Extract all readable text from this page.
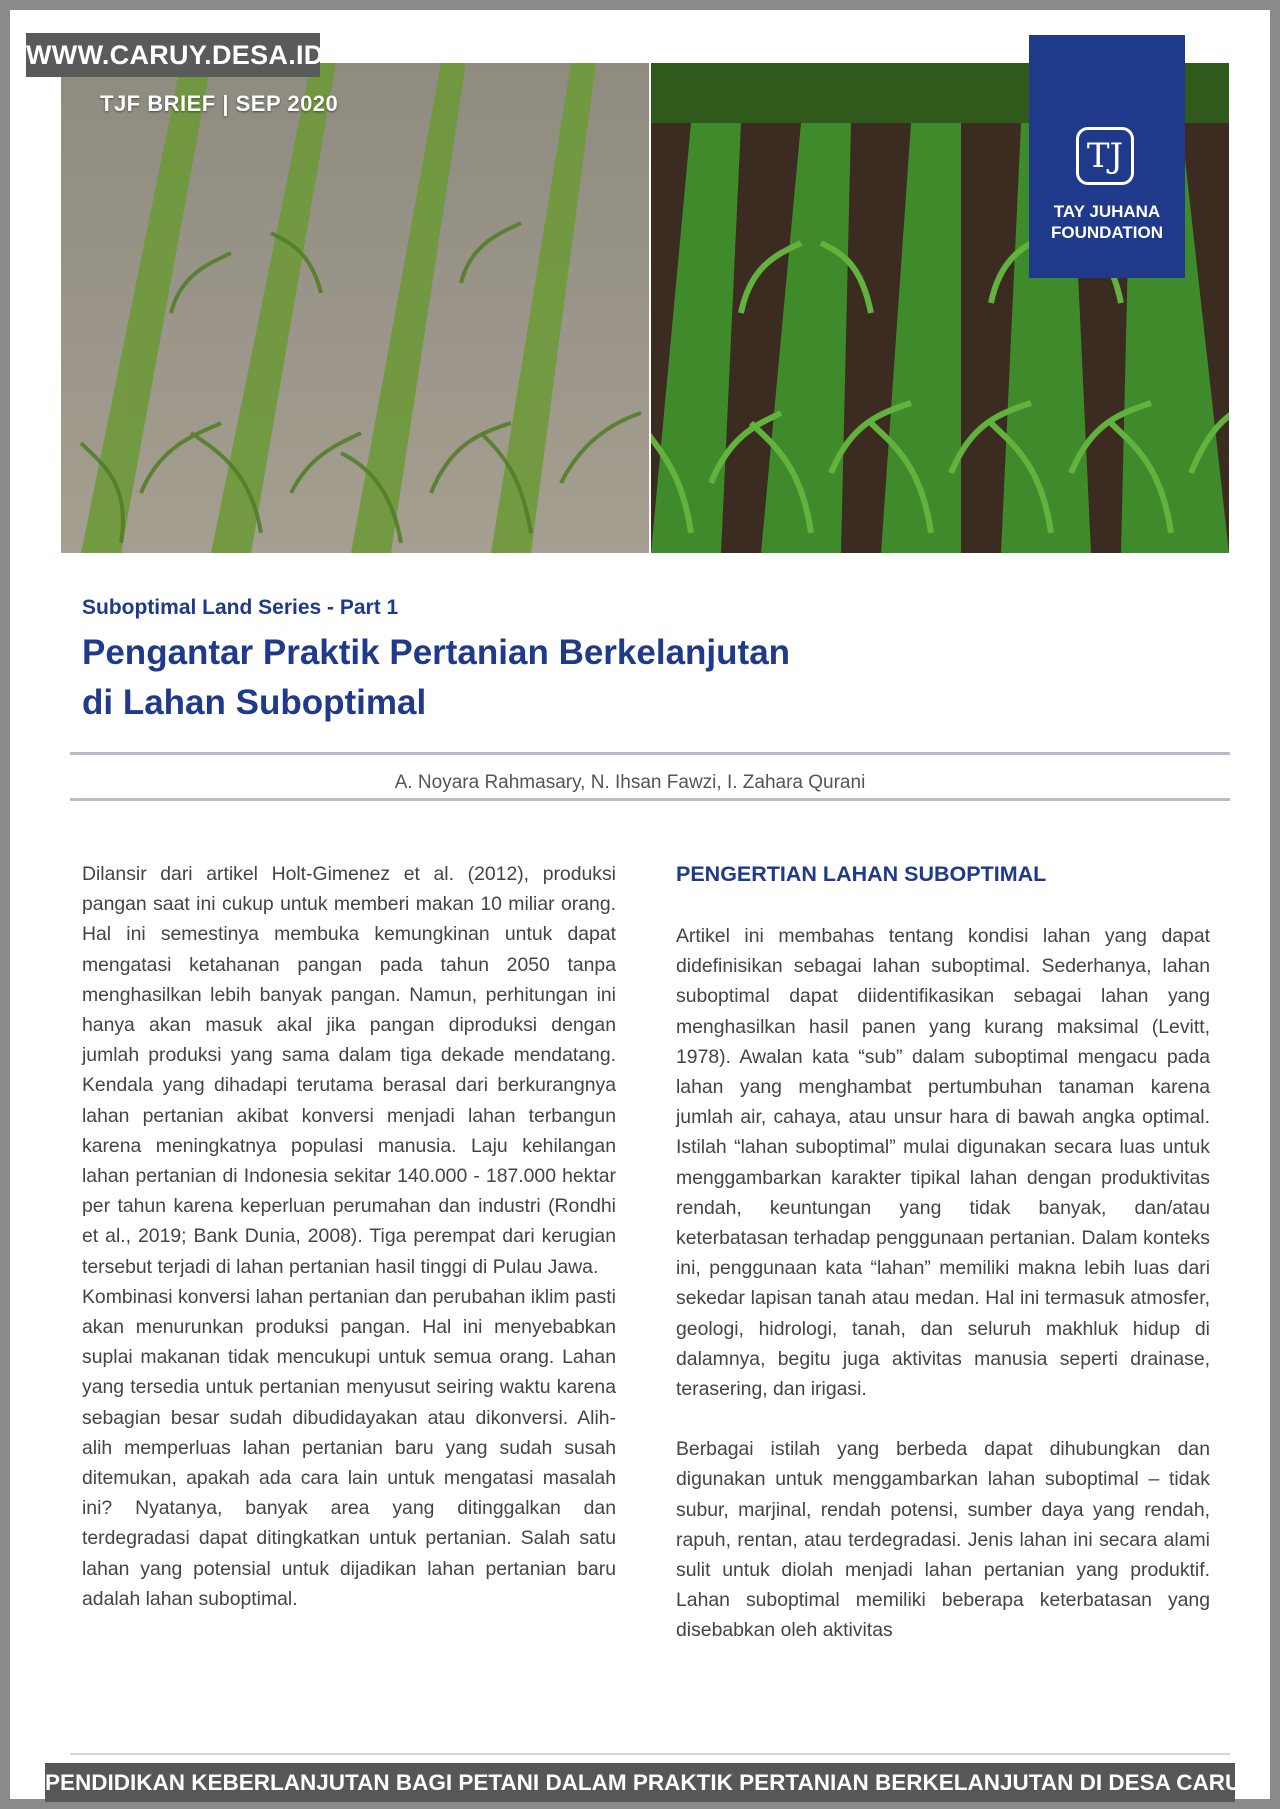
TJF BRIEF | SEP 2020
TJ
TAY JUHANA
FOUNDATION
WWW.CARUY.DESA.ID
Suboptimal Land Series - Part 1
Pengantar Praktik Pertanian Berkelanjutan
di Lahan Suboptimal
A. Noyara Rahmasary, N. Ihsan Fawzi, I. Zahara Qurani

Dilansir dari artikel Holt-Gimenez et al. (2012), produksi pangan saat ini cukup untuk memberi makan 10 miliar orang. Hal ini semestinya membuka kemungkinan untuk dapat mengatasi ketahanan pangan pada tahun 2050 tanpa menghasilkan lebih banyak pangan. Namun, perhitungan ini hanya akan masuk akal jika pangan diproduksi dengan jumlah produksi yang sama dalam tiga dekade mendatang. Kendala yang dihadapi terutama berasal dari berkurangnya lahan pertanian akibat konversi menjadi lahan terbangun karena meningkatnya populasi manusia. Laju kehilangan lahan pertanian di Indonesia sekitar 140.000 - 187.000 hektar per tahun karena keperluan perumahan dan industri (Rondhi et al., 2019; Bank Dunia, 2008). Tiga perempat dari kerugian tersebut terjadi di lahan pertanian hasil tinggi di Pulau Jawa.

Kombinasi konversi lahan pertanian dan perubahan iklim pasti akan menurunkan produksi pangan. Hal ini menyebabkan suplai makanan tidak mencukupi untuk semua orang. Lahan yang tersedia untuk pertanian menyusut seiring waktu karena sebagian besar sudah dibudidayakan atau dikonversi. Alih-alih memperluas lahan pertanian baru yang sudah susah ditemukan, apakah ada cara lain untuk mengatasi masalah ini? Nyatanya, banyak area yang ditinggalkan dan terdegradasi dapat ditingkatkan untuk pertanian. Salah satu lahan yang potensial untuk dijadikan lahan pertanian baru adalah lahan suboptimal.

PENGERTIAN LAHAN SUBOPTIMAL

Artikel ini membahas tentang kondisi lahan yang dapat didefinisikan sebagai lahan suboptimal. Sederhanya, lahan suboptimal dapat diidentifikasikan sebagai lahan yang menghasilkan hasil panen yang kurang maksimal (Levitt, 1978). Awalan kata “sub” dalam suboptimal mengacu pada lahan yang menghambat pertumbuhan tanaman karena jumlah air, cahaya, atau unsur hara di bawah angka optimal. Istilah “lahan suboptimal” mulai digunakan secara luas untuk menggambarkan karakter tipikal lahan dengan produktivitas rendah, keuntungan yang tidak banyak, dan/atau keterbatasan terhadap penggunaan pertanian. Dalam konteks ini, penggunaan kata “lahan” memiliki makna lebih luas dari sekedar lapisan tanah atau medan. Hal ini termasuk atmosfer, geologi, hidrologi, tanah, dan seluruh makhluk hidup di dalamnya, begitu juga aktivitas manusia seperti drainase, terasering, dan irigasi.

Berbagai istilah yang berbeda dapat dihubungkan dan digunakan untuk menggambarkan lahan suboptimal – tidak subur, marjinal, rendah potensi, sumber daya yang rendah, rapuh, rentan, atau terdegradasi. Jenis lahan ini secara alami sulit untuk diolah menjadi lahan pertanian yang produktif. Lahan suboptimal memiliki beberapa keterbatasan yang disebabkan oleh aktivitas

PENDIDIKAN KEBERLANJUTAN BAGI PETANI DALAM PRAKTIK PERTANIAN BERKELANJUTAN DI DESA CARUY
